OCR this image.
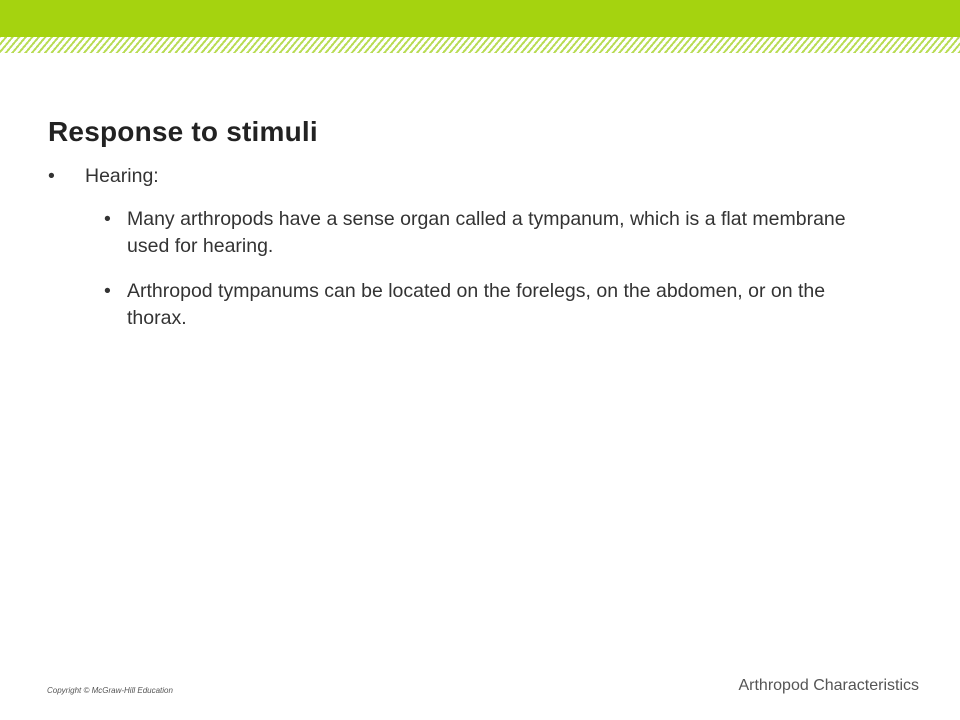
Response to stimuli
• Hearing:
• Many arthropods have a sense organ called a tympanum, which is a flat membrane used for hearing.
• Arthropod tympanums can be located on the forelegs, on the abdomen, or on the thorax.
Copyright © McGraw-Hill Education	Arthropod Characteristics
